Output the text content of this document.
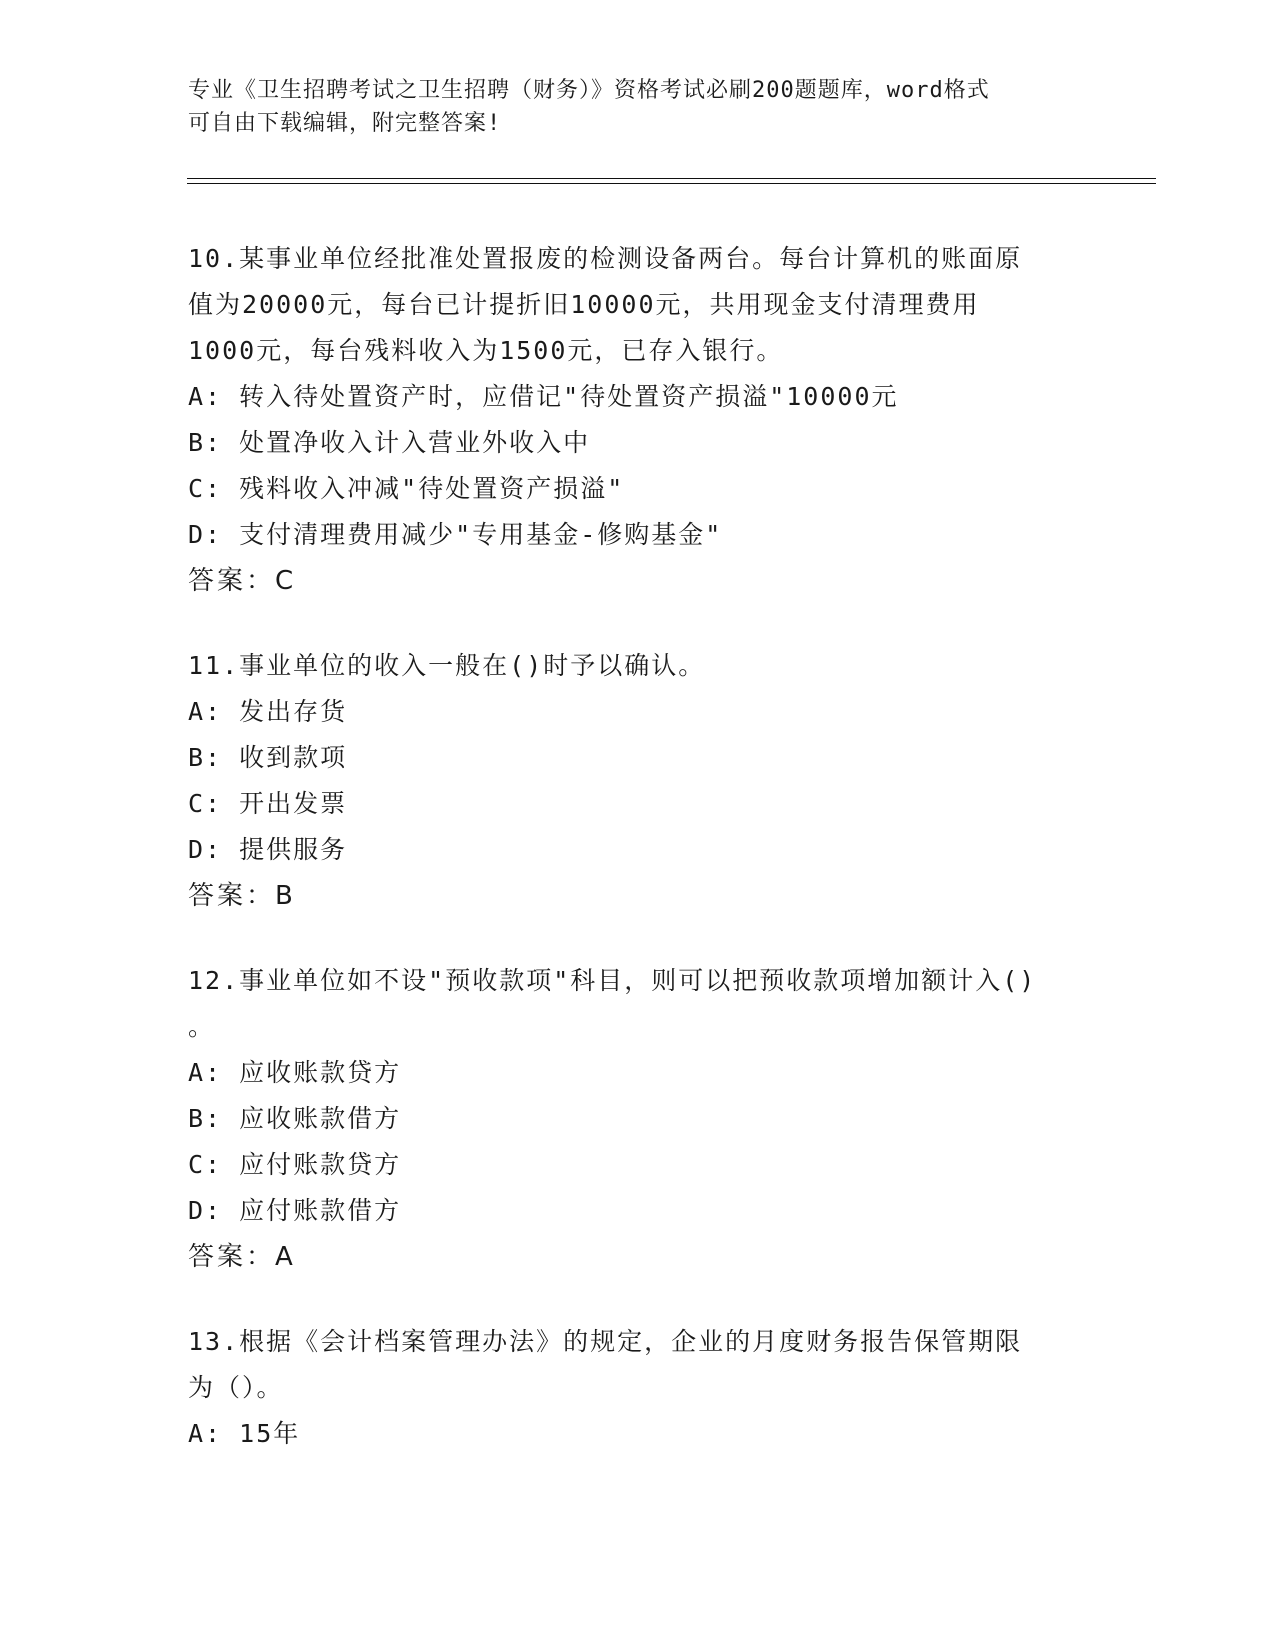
专业《卫生招聘考试之卫生招聘（财务）》资格考试必刷200题题库，word格式
可自由下载编辑，附完整答案!
10.某事业单位经批准处置报废的检测设备两台。每台计算机的账面原
值为20000元，每台已计提折旧10000元，共用现金支付清理费用
1000元，每台残料收入为1500元，已存入银行。
A: 转入待处置资产时，应借记"待处置资产损溢"10000元
B: 处置净收入计入营业外收入中
C: 残料收入冲减"待处置资产损溢"
D: 支付清理费用减少"专用基金-修购基金"
答案：C
11.事业单位的收入一般在()时予以确认。
A: 发出存货
B: 收到款项
C: 开出发票
D: 提供服务
答案：B
12.事业单位如不设"预收款项"科目，则可以把预收款项增加额计入()
。
A: 应收账款贷方
B: 应收账款借方
C: 应付账款贷方
D: 应付账款借方
答案：A
13.根据《会计档案管理办法》的规定，企业的月度财务报告保管期限
为（）。
A: 15年
